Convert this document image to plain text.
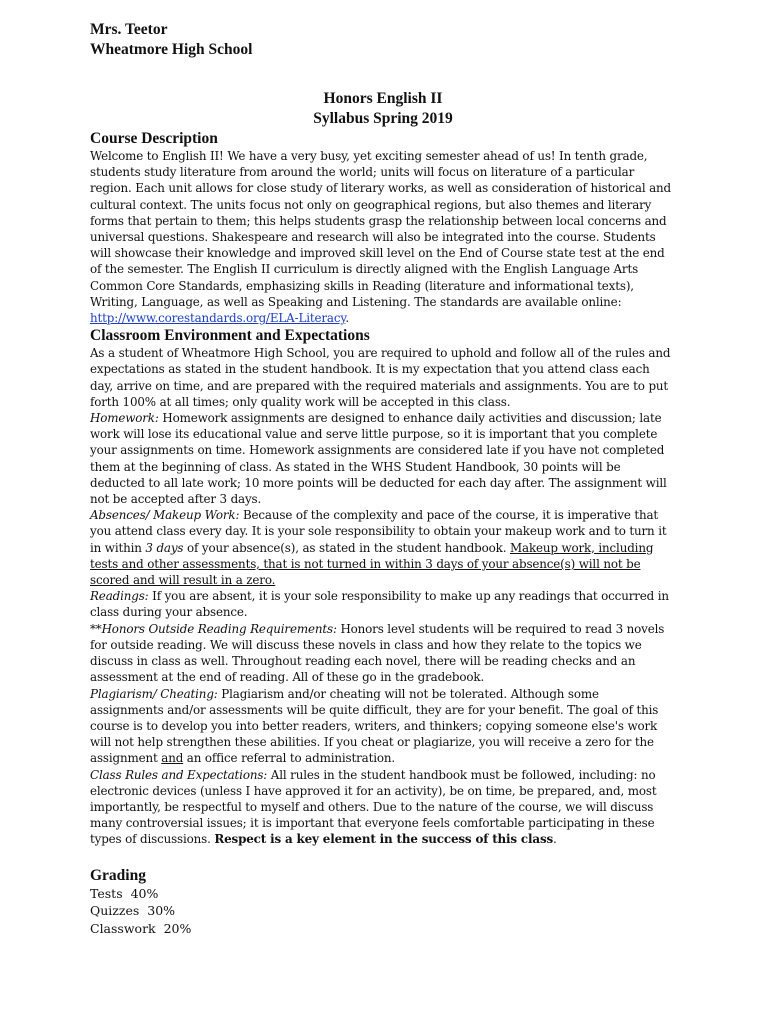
Mrs. Teetor
Wheatmore High School
Honors English II
Syllabus Spring 2019
Course Description

Welcome to English II! We have a very busy, yet exciting semester ahead of us! In tenth grade, students study literature from around the world; units will focus on literature of a particular region. Each unit allows for close study of literary works, as well as consideration of historical and cultural context. The units focus not only on geographical regions, but also themes and literary forms that pertain to them; this helps students grasp the relationship between local concerns and universal questions. Shakespeare and research will also be integrated into the course. Students will showcase their knowledge and improved skill level on the End of Course state test at the end of the semester. The English II curriculum is directly aligned with the English Language Arts Common Core Standards, emphasizing skills in Reading (literature and informational texts), Writing, Language, as well as Speaking and Listening. The standards are available online: http://www.corestandards.org/ELA-Literacy.

Classroom Environment and Expectations

As a student of Wheatmore High School, you are required to uphold and follow all of the rules and expectations as stated in the student handbook. It is my expectation that you attend class each day, arrive on time, and are prepared with the required materials and assignments. You are to put forth 100% at all times; only quality work will be accepted in this class.

Homework: Homework assignments are designed to enhance daily activities and discussion; late work will lose its educational value and serve little purpose, so it is important that you complete your assignments on time. Homework assignments are considered late if you have not completed them at the beginning of class. As stated in the WHS Student Handbook, 30 points will be deducted to all late work; 10 more points will be deducted for each day after. The assignment will not be accepted after 3 days.

Absences/ Makeup Work: Because of the complexity and pace of the course, it is imperative that you attend class every day. It is your sole responsibility to obtain your makeup work and to turn it in within 3 days of your absence(s), as stated in the student handbook. Makeup work, including tests and other assessments, that is not turned in within 3 days of your absence(s) will not be scored and will result in a zero.

Readings: If you are absent, it is your sole responsibility to make up any readings that occurred in class during your absence.

**Honors Outside Reading Requirements: Honors level students will be required to read 3 novels for outside reading. We will discuss these novels in class and how they relate to the topics we discuss in class as well. Throughout reading each novel, there will be reading checks and an assessment at the end of reading. All of these go in the gradebook.

Plagiarism/ Cheating: Plagiarism and/or cheating will not be tolerated. Although some assignments and/or assessments will be quite difficult, they are for your benefit. The goal of this course is to develop you into better readers, writers, and thinkers; copying someone else's work will not help strengthen these abilities. If you cheat or plagiarize, you will receive a zero for the assignment and an office referral to administration.

Class Rules and Expectations: All rules in the student handbook must be followed, including: no electronic devices (unless I have approved it for an activity), be on time, be prepared, and, most importantly, be respectful to myself and others. Due to the nature of the course, we will discuss many controversial issues; it is important that everyone feels comfortable participating in these types of discussions. Respect is a key element in the success of this class.

Grading
Tests 40%
Quizzes 30%
Classwork 20%
